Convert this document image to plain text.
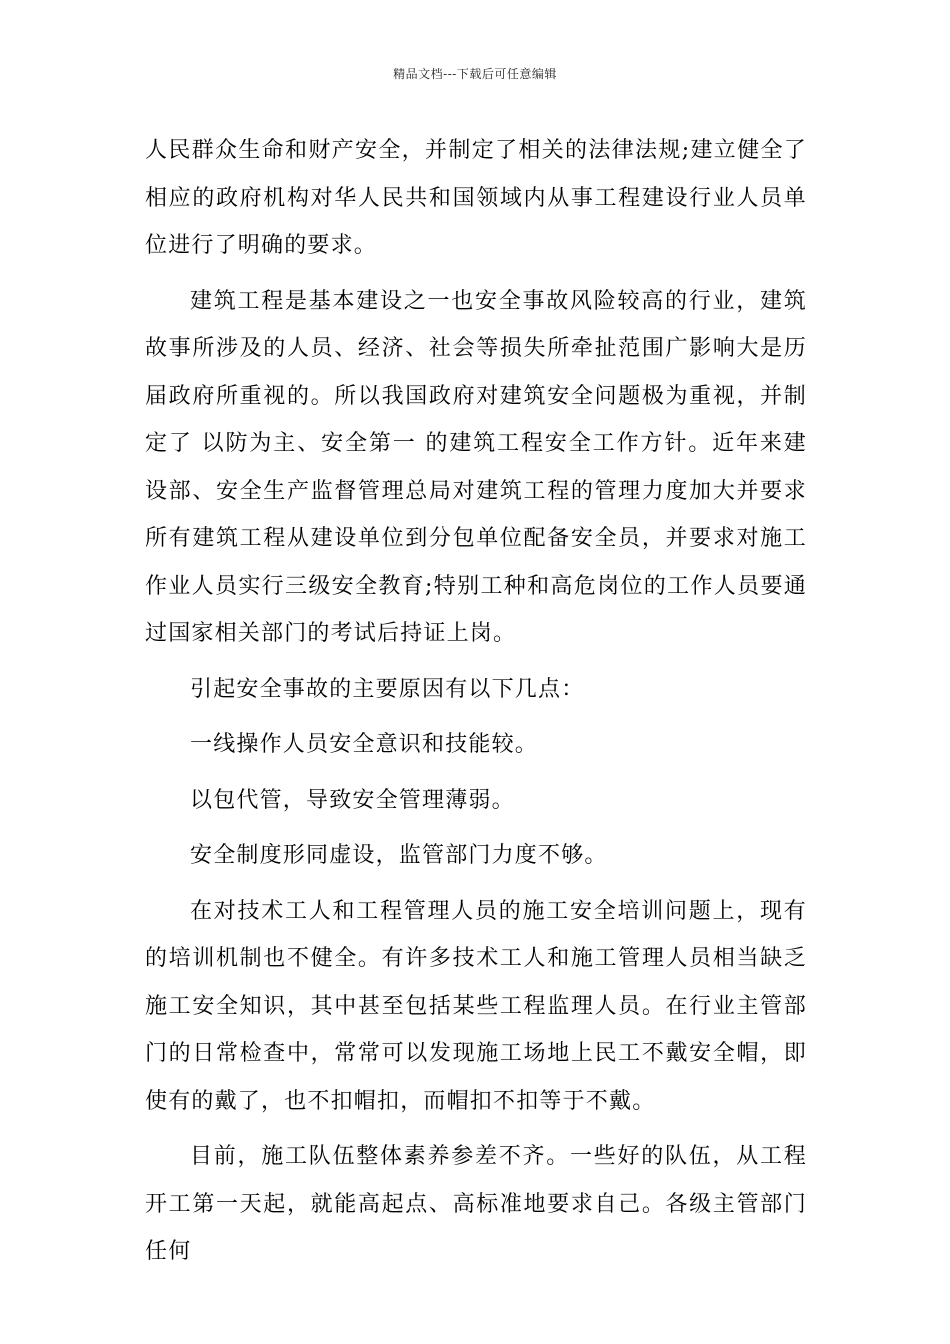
精品文档---下载后可任意编辑

人民群众生命和财产安全，并制定了相关的法律法规;建立健全了相应的政府机构对华人民共和国领域内从事工程建设行业人员单位进行了明确的要求。

建筑工程是基本建设之一也安全事故风险较高的行业，建筑故事所涉及的人员、经济、社会等损失所牵扯范围广影响大是历届政府所重视的。所以我国政府对建筑安全问题极为重视，并制定了 以防为主、安全第一 的建筑工程安全工作方针。近年来建设部、安全生产监督管理总局对建筑工程的管理力度加大并要求所有建筑工程从建设单位到分包单位配备安全员，并要求对施工作业人员实行三级安全教育;特别工种和高危岗位的工作人员要通过国家相关部门的考试后持证上岗。

引起安全事故的主要原因有以下几点：

一线操作人员安全意识和技能较。

以包代管，导致安全管理薄弱。

安全制度形同虚设，监管部门力度不够。

在对技术工人和工程管理人员的施工安全培训问题上，现有的培训机制也不健全。有许多技术工人和施工管理人员相当缺乏施工安全知识，其中甚至包括某些工程监理人员。在行业主管部门的日常检查中，常常可以发现施工场地上民工不戴安全帽，即使有的戴了，也不扣帽扣，而帽扣不扣等于不戴。

目前，施工队伍整体素养参差不齐。一些好的队伍，从工程开工第一天起，就能高起点、高标准地要求自己。各级主管部门任何
